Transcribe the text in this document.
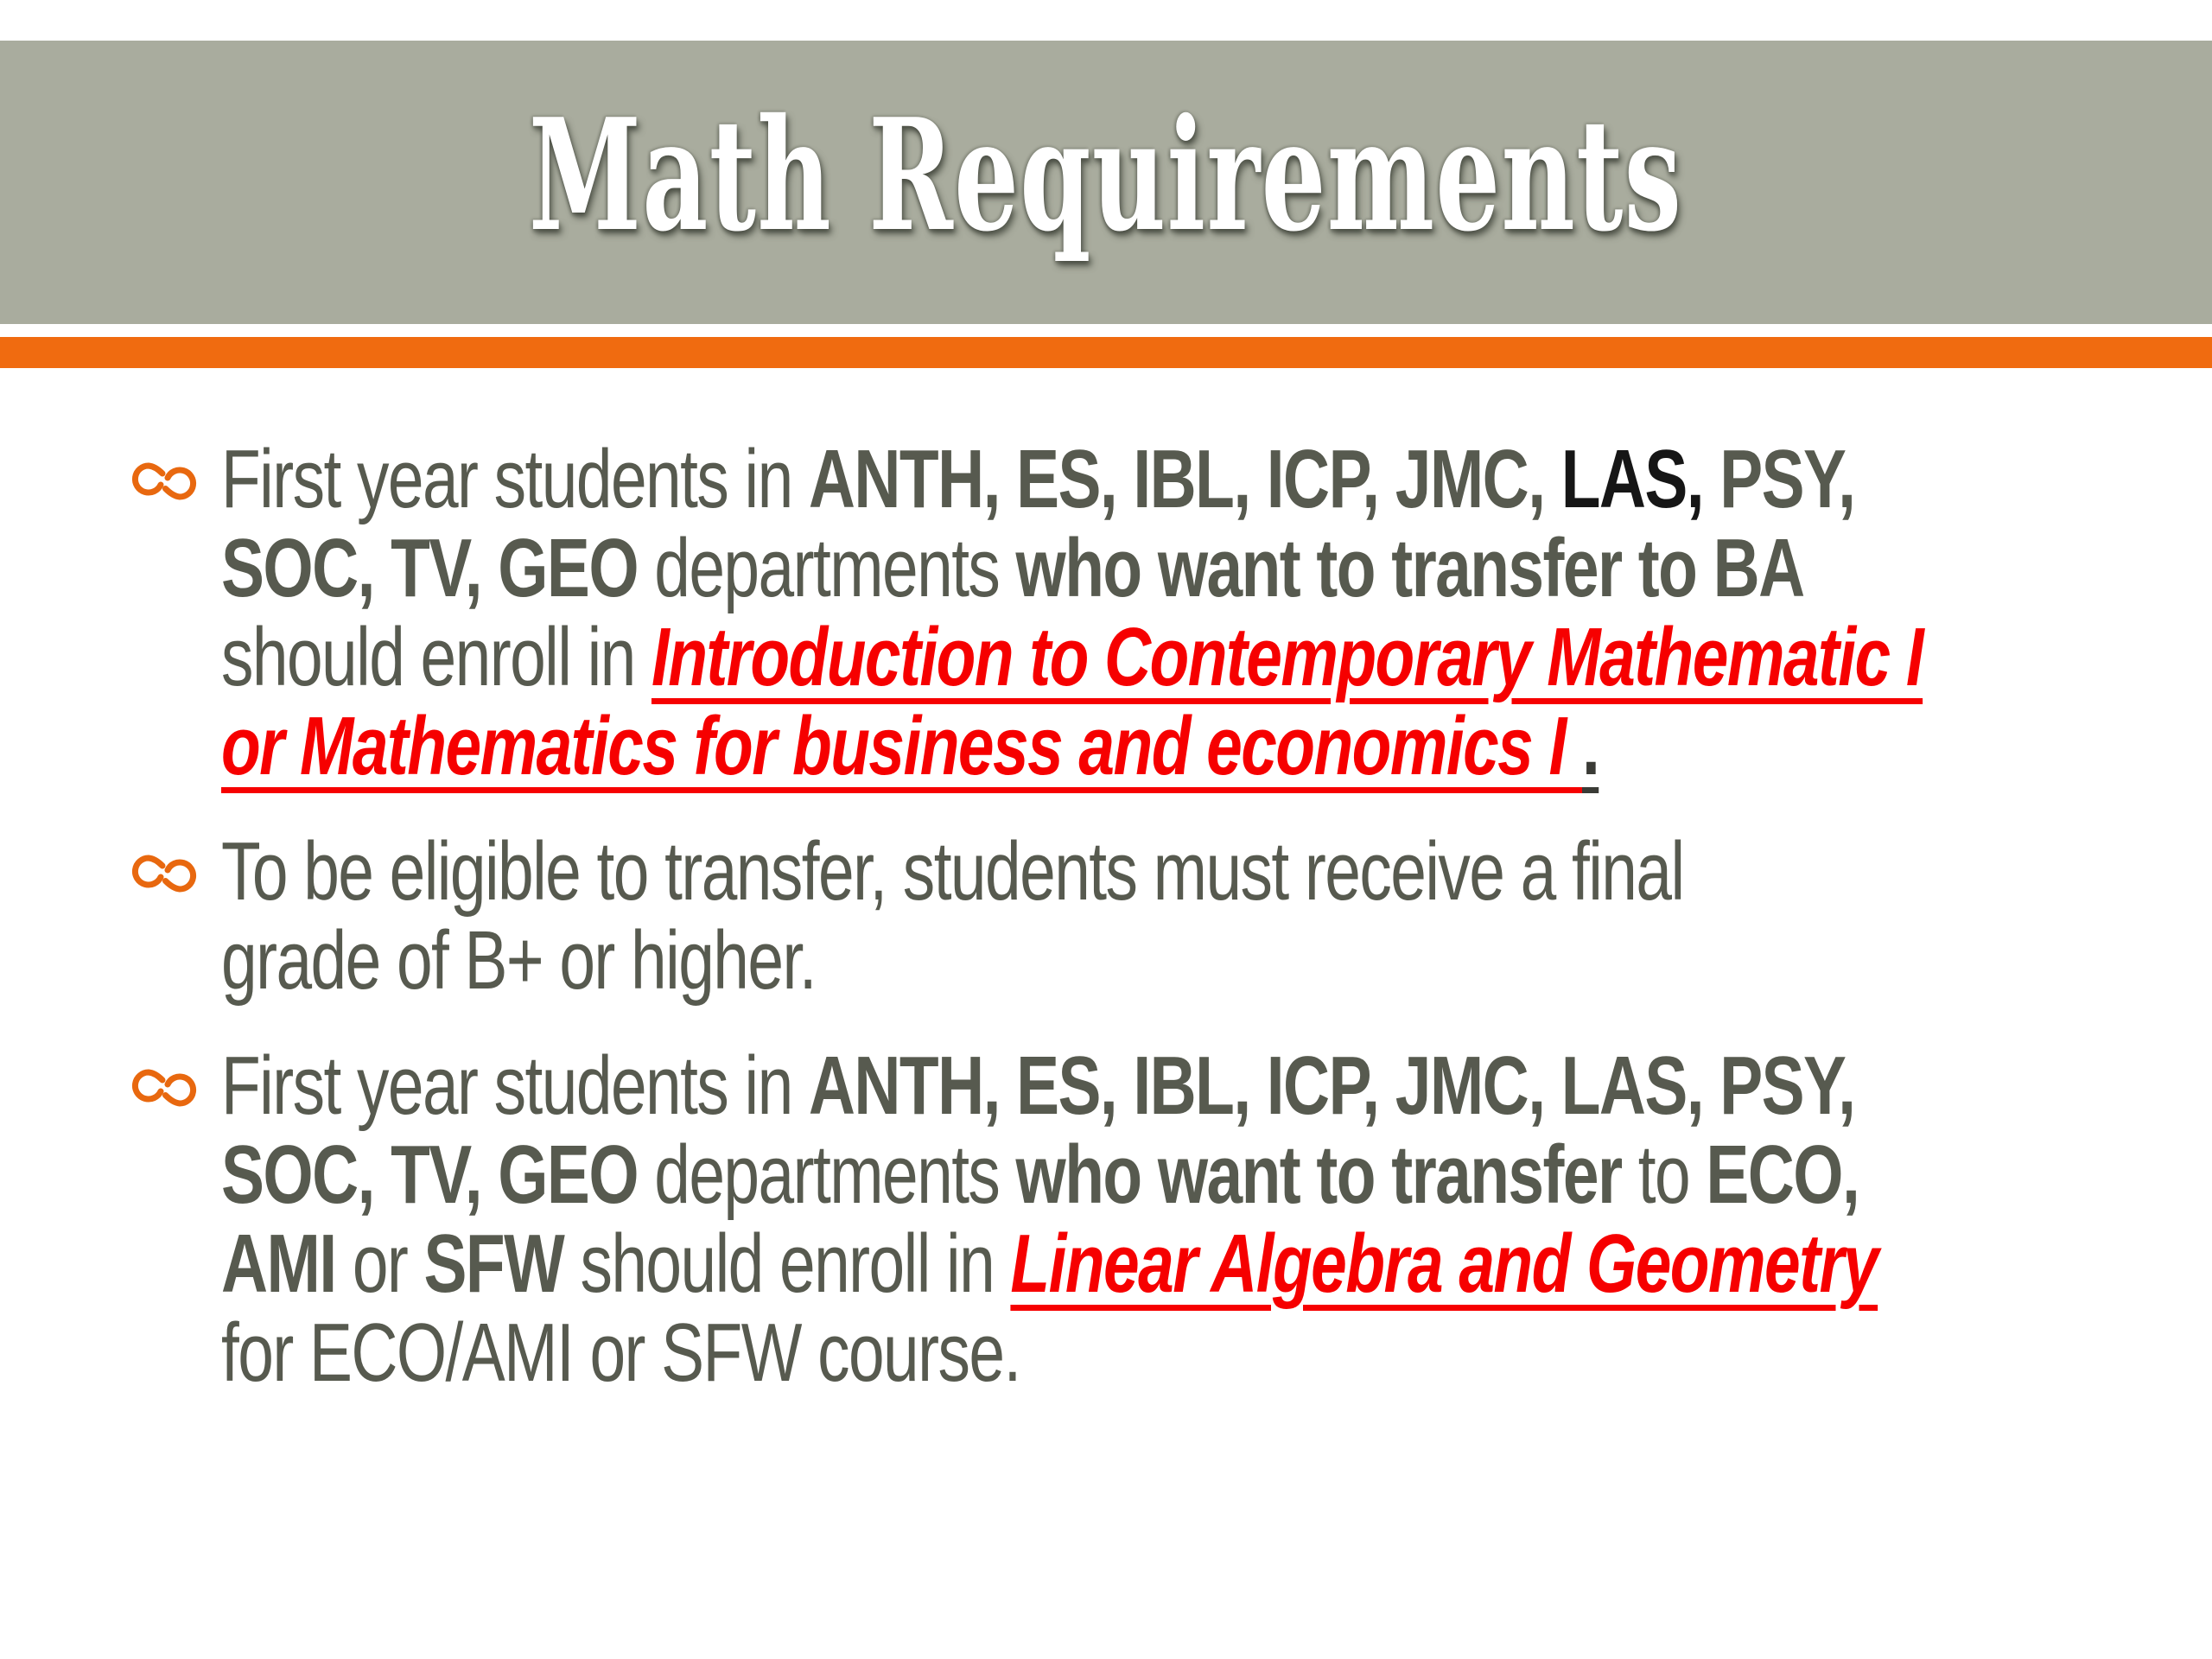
Math Requirements
First year students in ANTH, ES, IBL, ICP, JMC, LAS, PSY,
SOC, TV, GEO departments who want to transfer to BA
should enroll in Introduction to Contemporary Mathematic I
or Mathematics for business and economics I .
To be eligible to transfer, students must receive a final
grade of B+ or higher.
First year students in ANTH, ES, IBL, ICP, JMC, LAS, PSY,
SOC, TV, GEO departments who want to transfer to ECO,
AMI or SFW should enroll in Linear Algebra and Geometry
for ECO/AMI or SFW course.
